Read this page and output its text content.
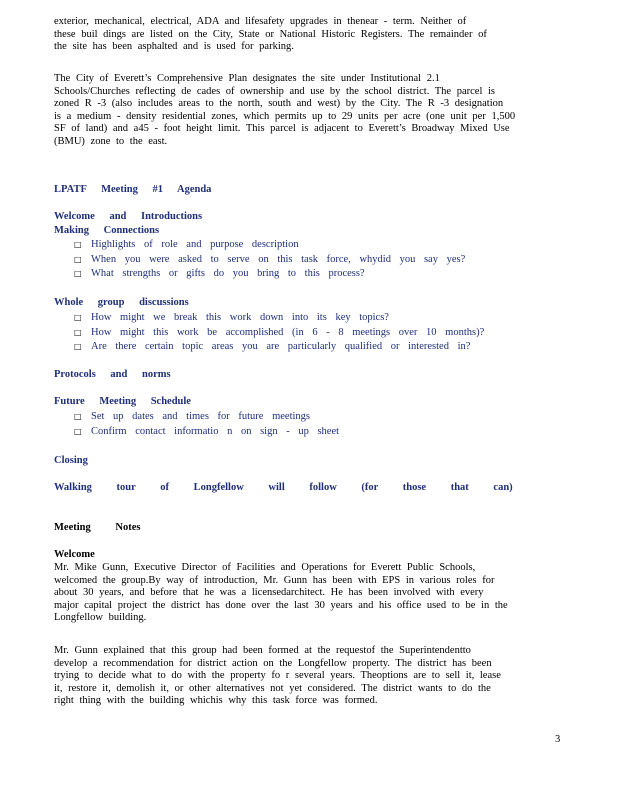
exterior, mechanical, electrical, ADA and lifesafety upgrades in thenear - term. Neither of
these buil dings are listed on the City, State or National Historic Registers. The remainder of
the site has been asphalted and is used for parking.
The City of Everett’s Comprehensive Plan designates the site under Institutional 2.1
Schools/Churches reflecting de cades of ownership and use by the school district. The parcel is
zoned R -3 (also includes areas to the north, south and west) by the City. The R -3 designation
is a medium - density residential zones, which permits up to 29 units per acre (one unit per 1,500
SF of land) and a45 - foot height limit. This parcel is adjacent to Everett’s Broadway Mixed Use
(BMU) zone to the east.
LPATF Meeting #1 Agenda
Welcome and Introductions
Making Connections
□ Highlights of role and purpose description
□ When you were asked to serve on this task force, whydid you say yes?
□ What strengths or gifts do you bring to this process?
Whole group discussions
□ How might we break this work down into its key topics?
□ How might this work be accomplished (in 6 - 8 meetings over 10 months)?
□ Are there certain topic areas you are particularly qualified or interested in?
Protocols and norms
Future Meeting Schedule
□ Set up dates and times for future meetings
□ Confirm contact informatio n on sign - up sheet
Closing
Walking tour of Longfellow will follow (for those that can)
Meeting Notes
Welcome
Mr. Mike Gunn, Executive Director of Facilities and Operations for Everett Public Schools,
welcomed the group.By way of introduction, Mr. Gunn has been with EPS in various roles for
about 30 years, and before that he was a licensedarchitect. He has been involved with every
major capital project the district has done over the last 30 years and his office used to be in the
Longfellow building.
Mr. Gunn explained that this group had been formed at the requestof the Superintendentto
develop a recommendation for district action on the Longfellow property. The district has been
trying to decide what to do with the property fo r several years. Theoptions are to sell it, lease
it, restore it, demolish it, or other alternatives not yet considered. The district wants to do the
right thing with the building whichis why this task force was formed.
3
